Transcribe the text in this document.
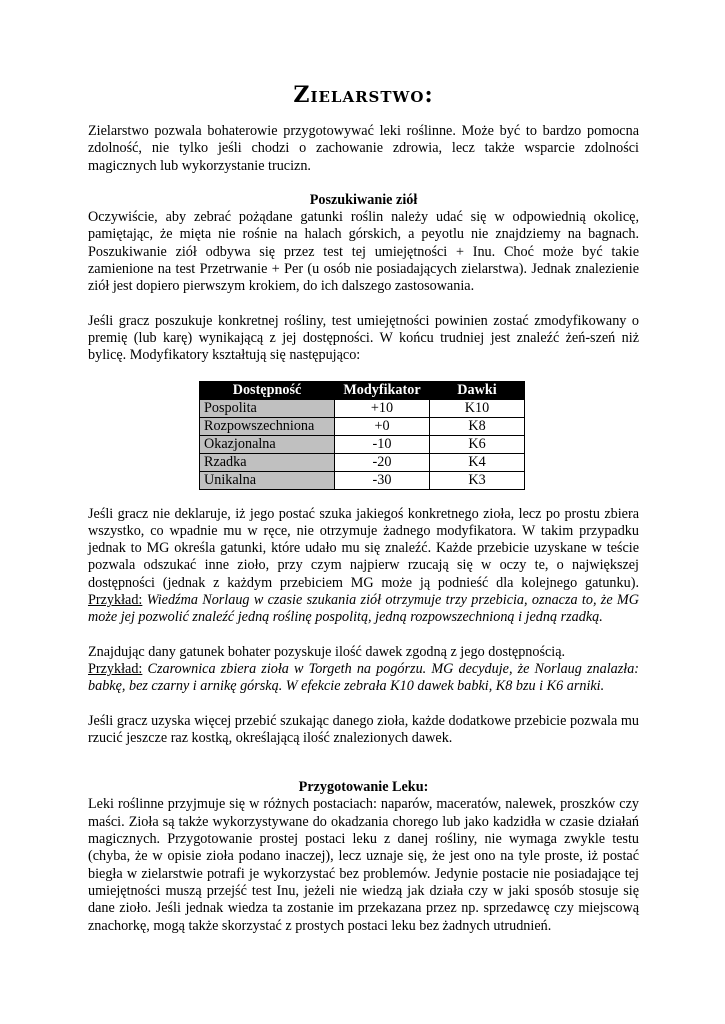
Zielarstwo:

Zielarstwo pozwala bohaterowie przygotowywać leki roślinne. Może być to bardzo pomocna zdolność, nie tylko jeśli chodzi o zachowanie zdrowia, lecz także wsparcie zdolności magicznych lub wykorzystanie trucizn.

Poszukiwanie ziół

Oczywiście, aby zebrać pożądane gatunki roślin należy udać się w odpowiednią okolicę, pamiętając, że mięta nie rośnie na halach górskich, a peyotlu nie znajdziemy na bagnach. Poszukiwanie ziół odbywa się przez test tej umiejętności + Inu. Choć może być takie zamienione na test Przetrwanie + Per (u osób nie posiadających zielarstwa). Jednak znalezienie ziół jest dopiero pierwszym krokiem, do ich dalszego zastosowania.

Jeśli gracz poszukuje konkretnej rośliny, test umiejętności powinien zostać zmodyfikowany o premię (lub karę) wynikającą z jej dostępności. W końcu trudniej jest znaleźć żeń-szeń niż bylicę. Modyfikatory kształtują się następująco:

Dostępność	Modyfikator	Dawki
Pospolita	+10	K10
Rozpowszechniona	+0	K8
Okazjonalna	-10	K6
Rzadka	-20	K4
Unikalna	-30	K3

Jeśli gracz nie deklaruje, iż jego postać szuka jakiegoś konkretnego zioła, lecz po prostu zbiera wszystko, co wpadnie mu w ręce, nie otrzymuje żadnego modyfikatora. W takim przypadku jednak to MG określa gatunki, które udało mu się znaleźć. Każde przebicie uzyskane w teście pozwala odszukać inne zioło, przy czym najpierw rzucają się w oczy te, o największej dostępności (jednak z każdym przebiciem MG może ją podnieść dla kolejnego gatunku). Przykład: Wiedźma Norlaug w czasie szukania ziół otrzymuje trzy przebicia, oznacza to, że MG może jej pozwolić znaleźć jedną roślinę pospolitą, jedną rozpowszechnioną i jedną rzadką.

Znajdując dany gatunek bohater pozyskuje ilość dawek zgodną z jego dostępnością.
Przykład: Czarownica zbiera zioła w Torgeth na pogórzu. MG decyduje, że Norlaug znalazła: babkę, bez czarny i arnikę górską. W efekcie zebrała K10 dawek babki, K8 bzu i K6 arniki.

Jeśli gracz uzyska więcej przebić szukając danego zioła, każde dodatkowe przebicie pozwala mu rzucić jeszcze raz kostką, określającą ilość znalezionych dawek.

Przygotowanie Leku:

Leki roślinne przyjmuje się w różnych postaciach: naparów, maceratów, nalewek, proszków czy maści. Zioła są także wykorzystywane do okadzania chorego lub jako kadzidła w czasie działań magicznych. Przygotowanie prostej postaci leku z danej rośliny, nie wymaga zwykle testu (chyba, że w opisie zioła podano inaczej), lecz uznaje się, że jest ono na tyle proste, iż postać biegła w zielarstwie potrafi je wykorzystać bez problemów. Jedynie postacie nie posiadające tej umiejętności muszą przejść test Inu, jeżeli nie wiedzą jak działa czy w jaki sposób stosuje się dane zioło. Jeśli jednak wiedza ta zostanie im przekazana przez np. sprzedawcę czy miejscową znachorkę, mogą także skorzystać z prostych postaci leku bez żadnych utrudnień.
